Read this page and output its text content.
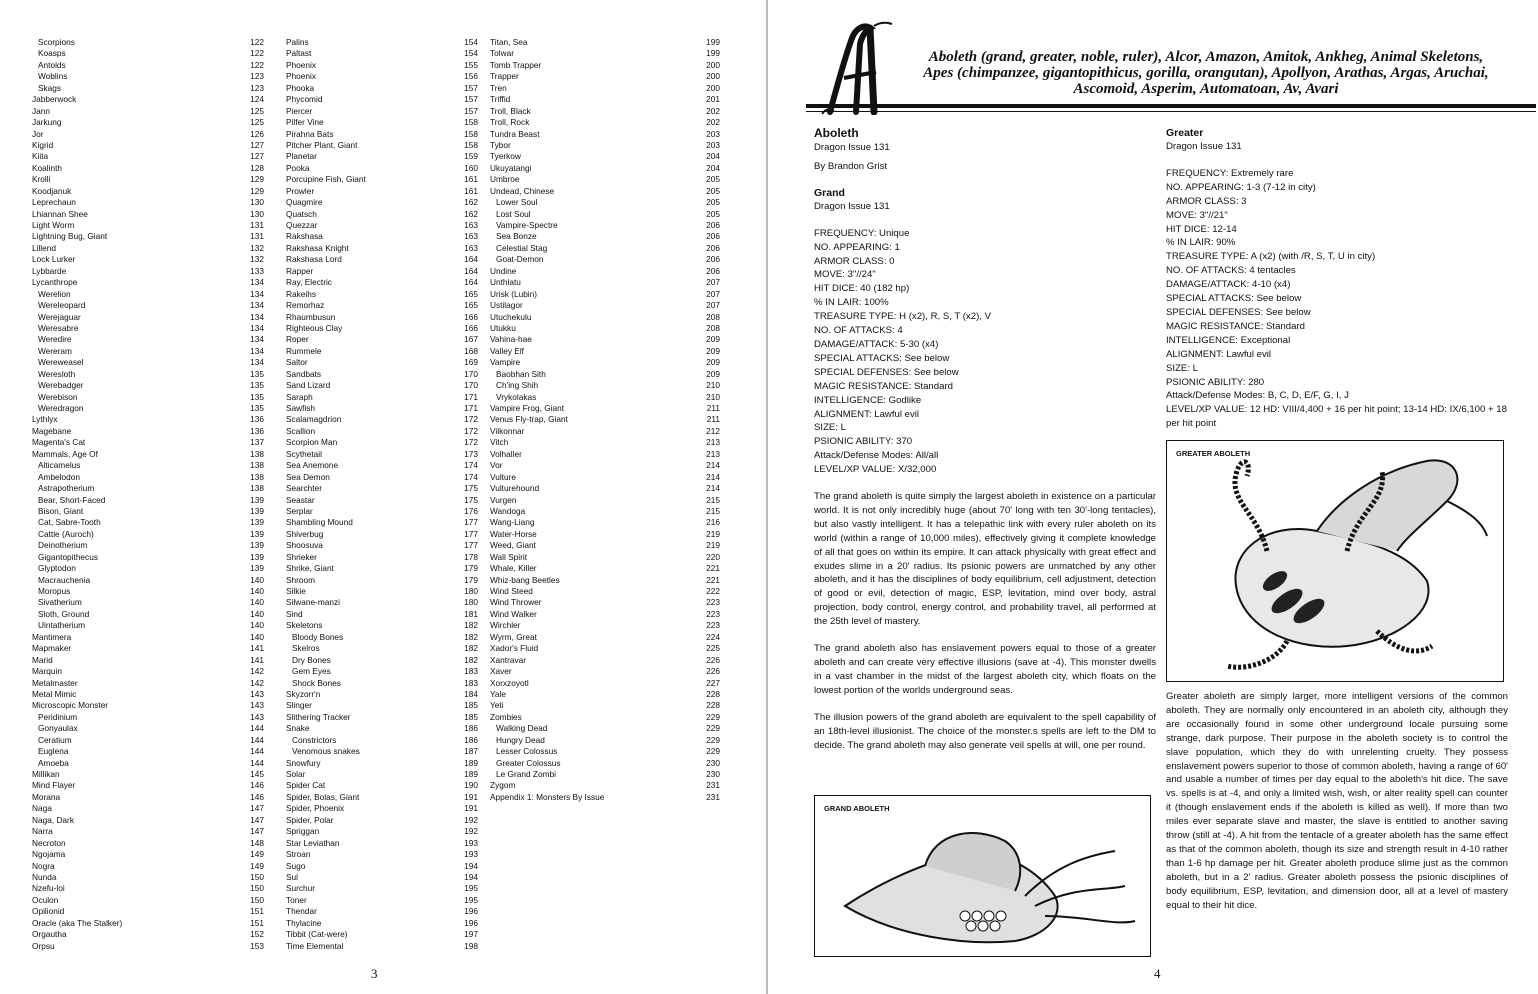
Scorpions	122
Koasps	122
Antolds	122
Woblins	123
Skags	123
Jabberwock	124
Jann	125
Jarkung	125
Jor	126
Kigrid	127
Kiita	127
Koalinth	128
Krolli	129
Koodjanuk	129
Leprechaun	130
Lhiannan Shee	130
Light Worm	131
Lightning Bug, Giant	131
Lillend	132
Lock Lurker	132
Lybbarde	133
Lycanthrope	134
Werelion	134
Wereleopard	134
Werejaguar	134
Weresabre	134
Weredire	134
Wereram	134
Wereweasel	134
Weresloth	135
Werebadger	135
Werebison	135
Weredragon	135
Lythlyx	136
Magebane	136
Magenta's Cat	137
Mammals, Age Of	138
Alticamelus	138
Ambelodon	138
Astrapotherium	138
Bear, Short-Faced	139
Bison, Giant	139
Cat, Sabre-Tooth	139
Cattle (Auroch)	139
Deinotherium	139
Gigantopithecus	139
Glyptodon	139
Macrauchenia	140
Moropus	140
Sivatherium	140
Sloth, Ground	140
Uintatherium	140
Mantimera	140
Mapmaker	141
Marid	141
Marquin	142
Metalmaster	142
Metal Mimic	143
Microscopic Monster	143
Peridinium	143
Gonyaulax	144
Ceratium	144
Euglena	144
Amoeba	144
Millikan	145
Mind Flayer	146
Morana	146
Naga	147
Naga, Dark	147
Narra	147
Necroton	148
Ngojama	149
Nogra	149
Nunda	150
Nzefu-loi	150
Oculon	150
Opilionid	151
Oracle (aka The Stalker)	151
Orgautha	152
Orpsu	153
Palins	154
Paltast	154
Phoenix	155
Phoenix	156
Phooka	157
Phycomid	157
Piercer	157
Pilfer Vine	158
Pirahna Bats	158
Pitcher Plant, Giant	158
Planetar	159
Pooka	160
Porcupine Fish, Giant	161
Prowler	161
Quagmire	162
Quatsch	162
Quezzar	163
Rakshasa	163
Rakshasa Knight	163
Rakshasa Lord	164
Rapper	164
Ray, Electric	164
Rakeihs	165
Remorhaz	165
Rhaumbusun	166
Righteous Clay	166
Roper	167
Rummele	168
Saltor	169
Sandbats	170
Sand Lizard	170
Saraph	171
Sawfish	171
Scalamagdrion	172
Scallion	172
Scorpion Man	172
Scythetail	173
Sea Anemone	174
Sea Demon	174
Searchter	175
Seastar	175
Serplar	176
Shambling Mound	177
Shiverbug	177
Shoosuva	177
Shrieker	178
Shrike, Giant	179
Shroom	179
Silkie	180
Silwane-manzi	180
Sind	181
Skeletons	182
Bloody Bones	182
Skelros	182
Dry Bones	182
Gem Eyes	183
Shock Bones	183
Skyzorr'n	184
Slinger	185
Slithering Tracker	185
Snake	186
Constrictors	186
Venomous snakes	187
Snowfury	189
Solar	189
Spider Cat	190
Spider, Bolas, Giant	191
Spider, Phoenix	191
Spider, Polar	192
Spriggan	192
Star Leviathan	193
Stroan	193
Sugo	194
Sul	194
Surchur	195
Toner	195
Thendar	196
Thylacine	196
Tibbit (Cat-were)	197
Time Elemental	198
Titan, Sea	199
Tolwar	199
Tomb Trapper	200
Trapper	200
Tren	200
Triffid	201
Troll, Black	202
Troll, Rock	202
Tundra Beast	203
Tybor	203
Tyerkow	204
Ukuyatangi	204
Umbroe	205
Undead, Chinese	205
Lower Soul	205
Lost Soul	205
Vampire-Spectre	206
Sea Bonze	206
Celestial Stag	206
Goat-Demon	206
Undine	206
Unthlatu	207
Urisk (Lubin)	207
Ustilagor	207
Utuchekulu	208
Utukku	208
Vahina-hae	209
Valley Elf	209
Vampire	209
Baobhan Sith	209
Ch'ing Shih	210
Vrykolakas	210
Vampire Frog, Giant	211
Venus Fly-trap, Giant	211
Vilkonnar	212
Vitch	213
Volhaller	213
Vor	214
Vulture	214
Vulturehound	214
Vurgen	215
Wandoga	215
Wang-Liang	216
Water-Horse	219
Weed, Giant	219
Wall Spirit	220
Whale, Killer	221
Whiz-bang Beetles	221
Wind Steed	222
Wind Thrower	223
Wind Walker	223
Wirchler	223
Wyrm, Great	224
Xador's Fluid	225
Xantravar	226
Xaver	226
Xorxzoyotl	227
Yale	228
Yeti	228
Zombies	229
Walking Dead	229
Hungry Dead	229
Lesser Colossus	229
Greater Colossus	230
Le Grand Zombi	230
Zygom	231
Appendix 1: Monsters By Issue	231
3
A
Aboleth (grand, greater, noble, ruler), Alcor, Amazon, Amitok, Ankheg, Animal Skeletons,
Apes (chimpanzee, gigantopithicus, gorilla, orangutan), Apollyon, Arathas, Argas, Aruchai,
Ascomoid, Asperim, Automatoan, Av, Avari
Aboleth
Dragon Issue 131
By Brandon Grist
Grand
Dragon Issue 131
FREQUENCY: Unique
NO. APPEARING: 1
ARMOR CLASS: 0
MOVE: 3"//24"
HIT DICE: 40 (182 hp)
% IN LAIR: 100%
TREASURE TYPE: H (x2), R, S, T (x2), V
NO. OF ATTACKS: 4
DAMAGE/ATTACK: 5-30 (x4)
SPECIAL ATTACKS: See below
SPECIAL DEFENSES: See below
MAGIC RESISTANCE: Standard
INTELLIGENCE: Godlike
ALIGNMENT: Lawful evil
SIZE: L
PSIONIC ABILITY: 370
Attack/Defense Modes: All/all
LEVEL/XP VALUE: X/32,000

The grand aboleth is quite simply the largest aboleth in existence on a particular world. It is not only incredibly huge (about 70' long with ten 30'-long tentacles), but also vastly intelligent. It has a telepathic link with every ruler aboleth on its world (within a range of 10,000 miles), effectively giving it complete knowledge of all that goes on within its empire. It can attack physically with great effect and exudes slime in a 20' radius. Its psionic powers are unmatched by any other aboleth, and it has the disciplines of body equilibrium, cell adjustment, detection of good or evil, detection of magic, ESP, levitation, mind over body, astral projection, body control, energy control, and probability travel, all performed at the 25th level of mastery.

The grand aboleth also has enslavement powers equal to those of a greater aboleth and can create very effective illusions (save at -4). This monster dwells in a vast chamber in the midst of the largest aboleth city, which floats on the lowest portion of the worlds underground seas.

The illusion powers of the grand aboleth are equivalent to the spell capability of an 18th-level illusionist. The choice of the monster.s spells are left to the DM to decide. The grand aboleth may also generate veil spells at will, one per round.

Greater
Dragon Issue 131
FREQUENCY: Extremely rare
NO. APPEARING: 1-3 (7-12 in city)
ARMOR CLASS: 3
MOVE: 3"//21"
HIT DICE: 12-14
% IN LAIR: 90%
TREASURE TYPE: A (x2) (with /R, S, T, U in city)
NO. OF ATTACKS: 4 tentacles
DAMAGE/ATTACK: 4-10 (x4)
SPECIAL ATTACKS: See below
SPECIAL DEFENSES: See below
MAGIC RESISTANCE: Standard
INTELLIGENCE: Exceptional
ALIGNMENT: Lawful evil
SIZE: L
PSIONIC ABILITY: 280
Attack/Defense Modes: B, C, D, E/F, G, I, J
LEVEL/XP VALUE: 12 HD: VIII/4,400 + 16 per hit point; 13-14 HD: IX/6,100 + 18 per hit point
GREATER ABOLETH
Greater aboleth are simply larger, more intelligent versions of the common aboleth. They are normally only encountered in an aboleth city, although they are occasionally found in some other underground locale pursuing some strange, dark purpose. Their purpose in the aboleth society is to control the slave population, which they do with unrelenting cruelty. They possess enslavement powers superior to those of common aboleth, having a range of 60' and usable a number of times per day equal to the aboleth's hit dice. The save vs. spells is at -4, and only a limited wish, wish, or alter reality spell can counter it (though enslavement ends if the aboleth is killed as well). If more than two miles ever separate slave and master, the slave is entitled to another saving throw (still at -4). A hit from the tentacle of a greater aboleth has the same effect as that of the common aboleth, though its size and strength result in 4-10 rather than 1-6 hp damage per hit. Greater aboleth produce slime just as the common aboleth, but in a 2' radius. Greater aboleth possess the psionic disciplines of body equilibrium, ESP, levitation, and dimension door, all at a level of mastery equal to their hit dice.
GRAND ABOLETH
4
